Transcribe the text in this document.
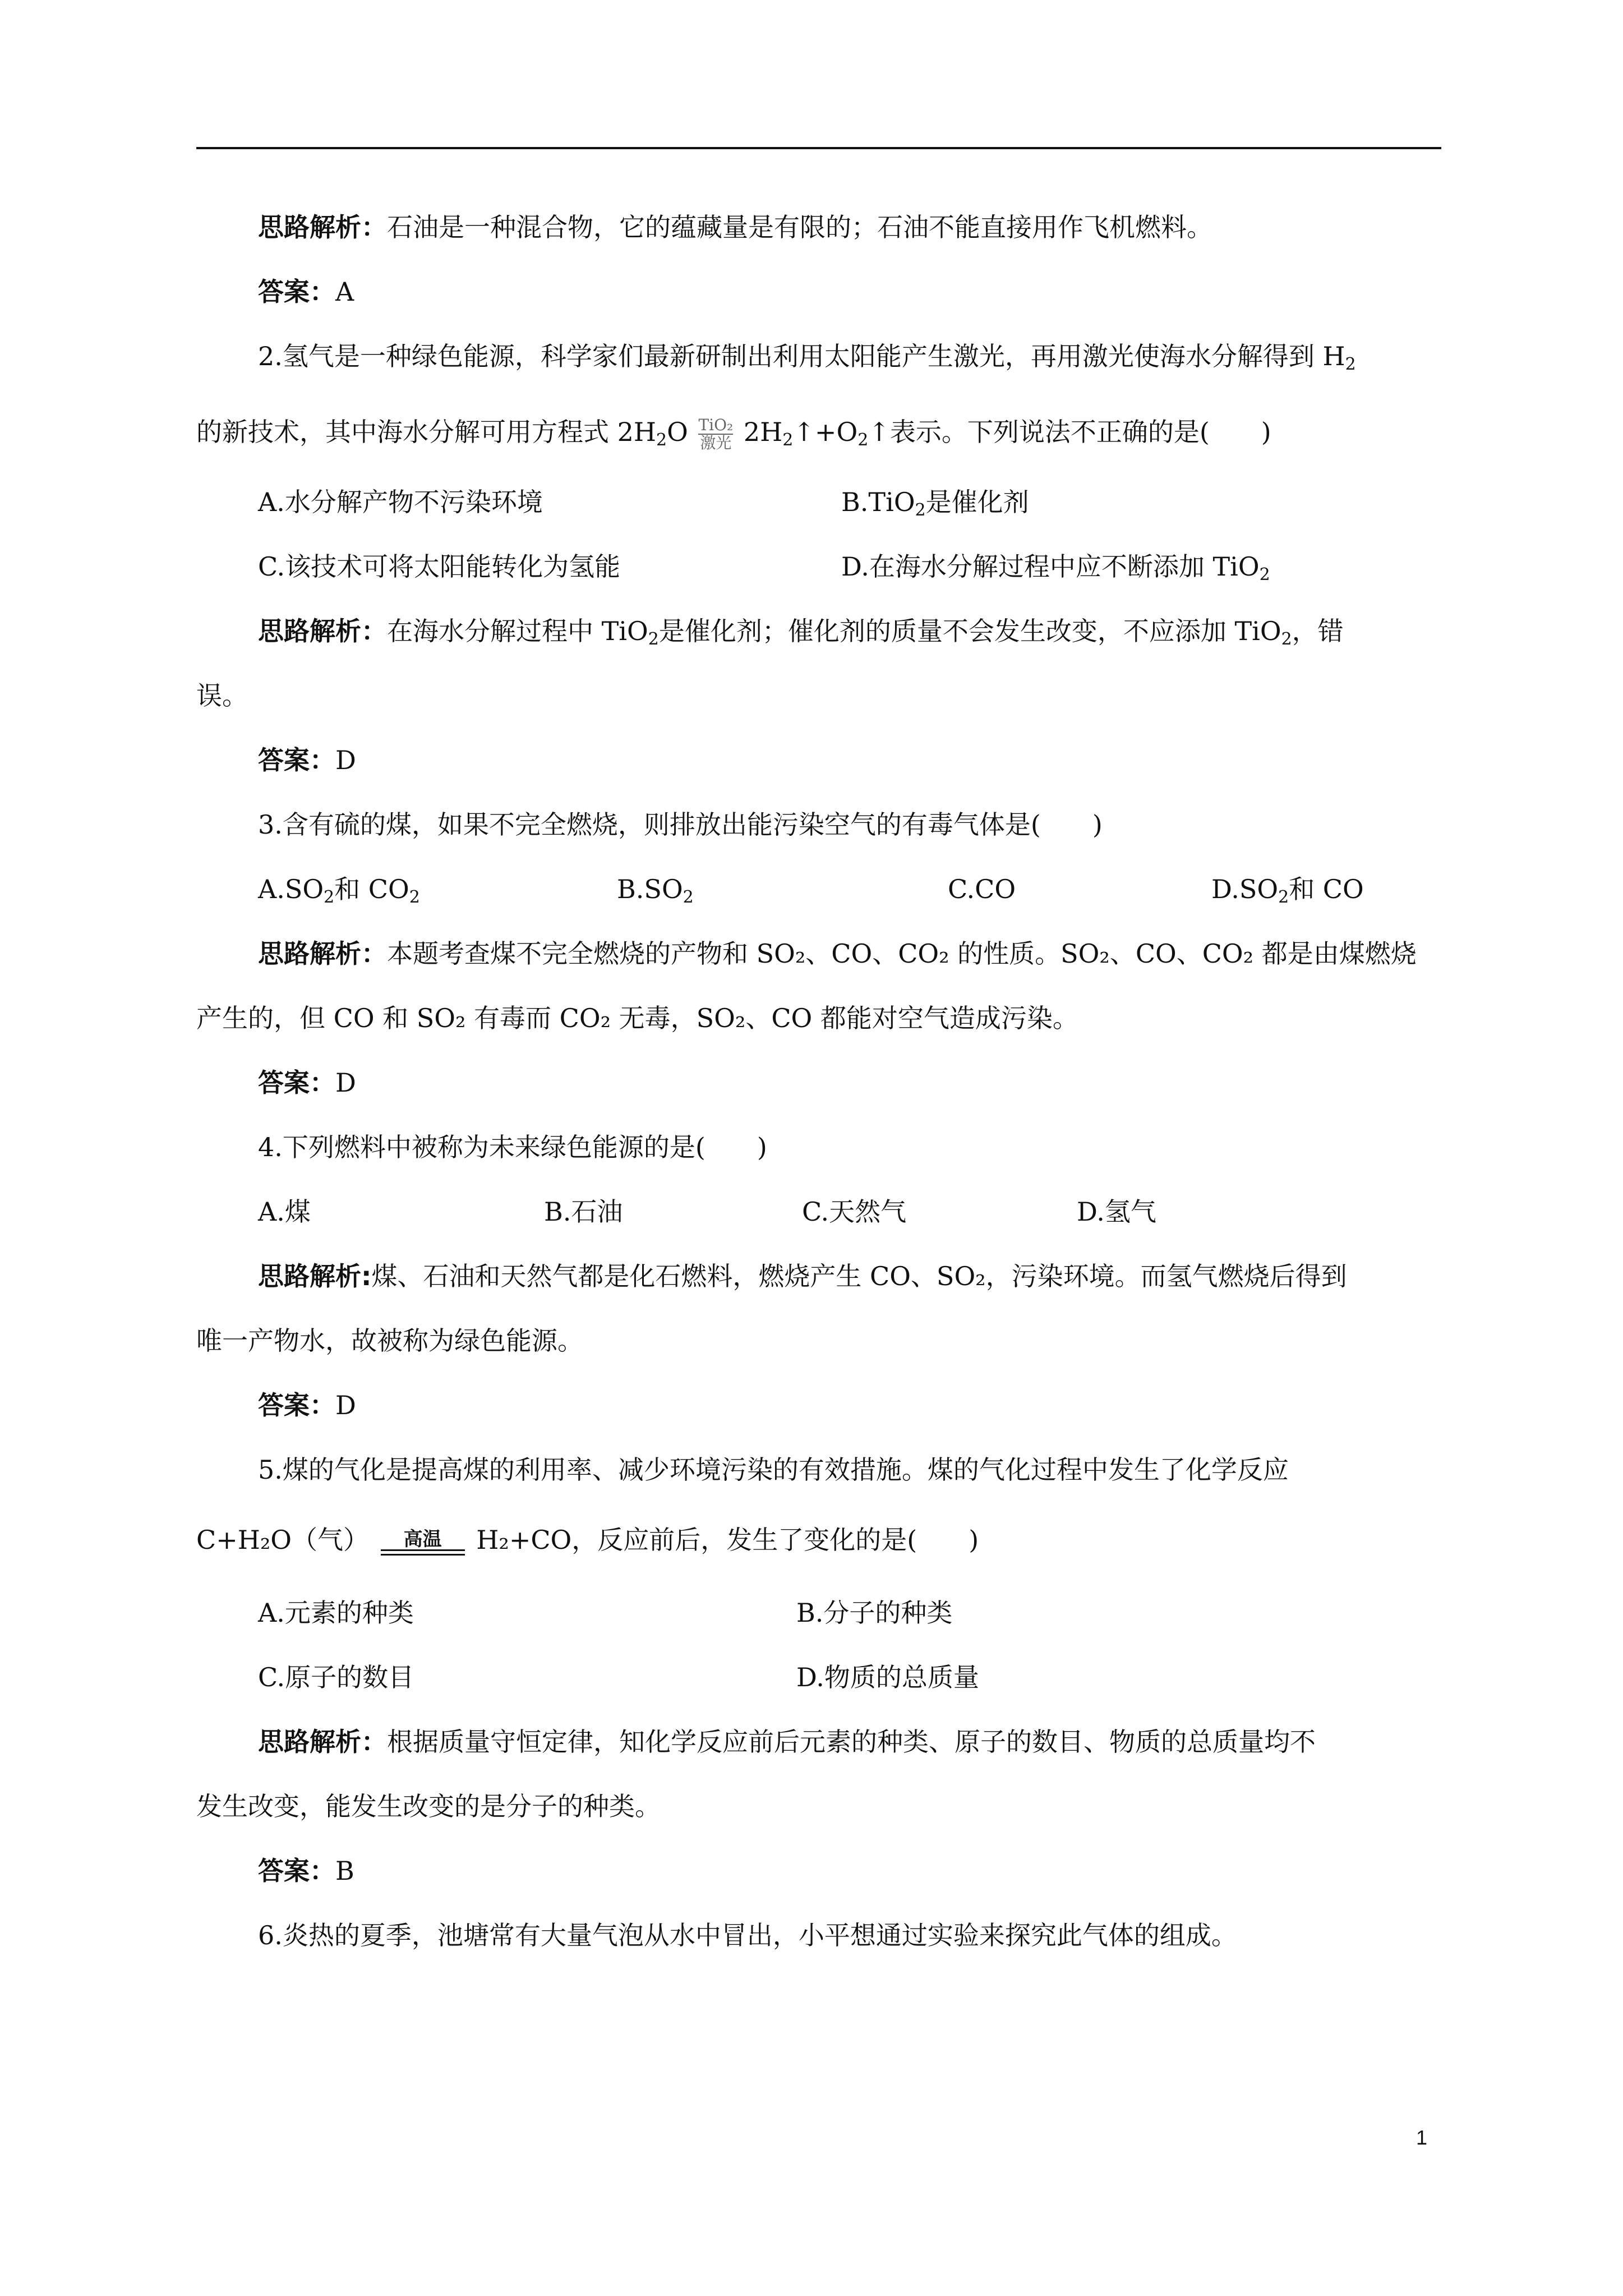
思路解析：石油是一种混合物，它的蕴藏量是有限的；石油不能直接用作飞机燃料。
答案：A
2.氢气是一种绿色能源，科学家们最新研制出利用太阳能产生激光，再用激光使海水分解得到 $H_2$
的新技术，其中海水分解可用方程式 $2H_2O$ TiO₂
激光 $2H_2↑+O_2↑$表示。下列说法不正确的是(　　)
A.水分解产物不污染环境	B.TiO$_2$是催化剂
C.该技术可将太阳能转化为氢能	D.在海水分解过程中应不断添加 TiO$_2$
思路解析：在海水分解过程中 TiO$_2$是催化剂；催化剂的质量不会发生改变，不应添加 TiO$_2$，错
误。
答案：D
3.含有硫的煤，如果不完全燃烧，则排放出能污染空气的有毒气体是(　　)
$A.SO_2$和 $CO_2$	$B.SO_2$	C.CO	$D.SO_2$和 CO
思路解析：本题考查煤不完全燃烧的产物和 SO₂、CO、CO₂ 的性质。SO₂、CO、CO₂ 都是由煤燃烧
产生的，但 CO 和 SO₂ 有毒而 CO₂ 无毒，SO₂、CO 都能对空气造成污染。
答案：D
4.下列燃料中被称为未来绿色能源的是(　　)
A.煤	B.石油	C.天然气	D.氢气
思路解析:煤、石油和天然气都是化石燃料，燃烧产生 CO、SO₂，污染环境。而氢气燃烧后得到
唯一产物水，故被称为绿色能源。
答案：D
5.煤的气化是提高煤的利用率、减少环境污染的有效措施。煤的气化过程中发生了化学反应
C+H₂O（气）	高温	H₂+CO，反应前后，发生了变化的是(　　)
A.元素的种类	B.分子的种类
C.原子的数目	D.物质的总质量
思路解析：根据质量守恒定律，知化学反应前后元素的种类、原子的数目、物质的总质量均不
发生改变，能发生改变的是分子的种类。
答案：B
6.炎热的夏季，池塘常有大量气泡从水中冒出，小平想通过实验来探究此气体的组成。
1
